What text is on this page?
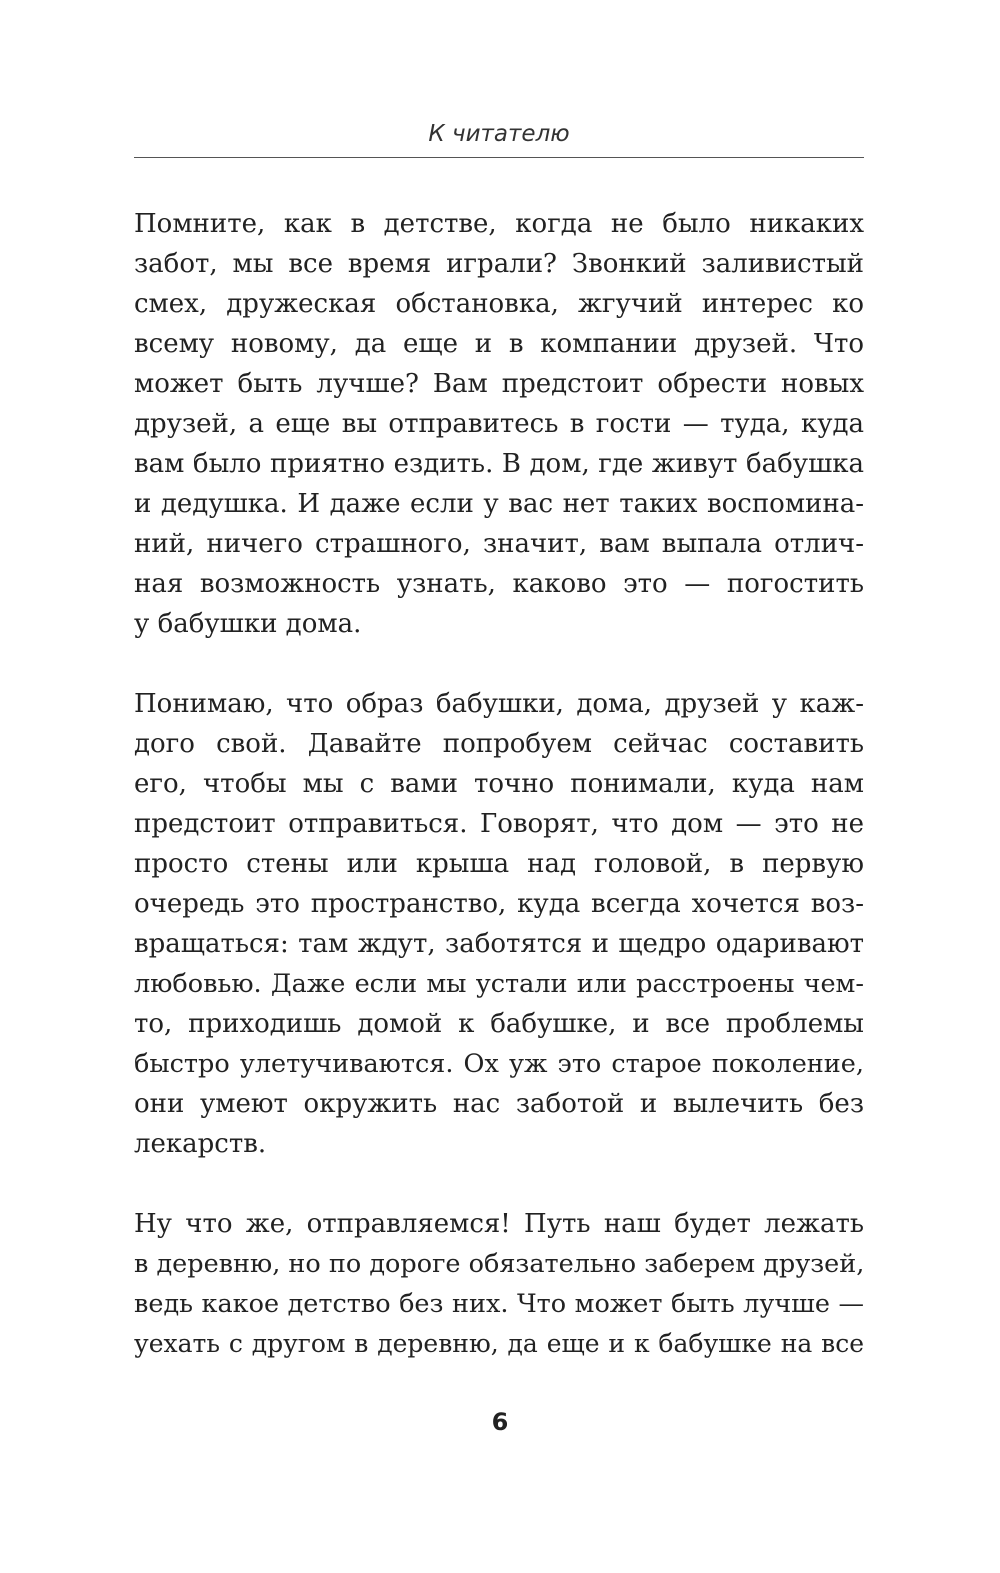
К читателю

Помните, как в детстве, когда не было никаких
забот, мы все время играли? Звонкий заливистый
смех, дружеская обстановка, жгучий интерес ко
всему новому, да еще и в компании друзей. Что
может быть лучше? Вам предстоит обрести новых
друзей, а еще вы отправитесь в гости — туда, куда
вам было приятно ездить. В дом, где живут бабушка
и дедушка. И даже если у вас нет таких воспомина-
ний, ничего страшного, значит, вам выпала отлич-
ная возможность узнать, каково это — погостить
у бабушки дома.

Понимаю, что образ бабушки, дома, друзей у каж-
дого свой. Давайте попробуем сейчас составить
его, чтобы мы с вами точно понимали, куда нам
предстоит отправиться. Говорят, что дом — это не
просто стены или крыша над головой, в первую
очередь это пространство, куда всегда хочется воз-
вращаться: там ждут, заботятся и щедро одаривают
любовью. Даже если мы устали или расстроены чем-
то, приходишь домой к бабушке, и все проблемы
быстро улетучиваются. Ох уж это старое поколение,
они умеют окружить нас заботой и вылечить без
лекарств.

Ну что же, отправляемся! Путь наш будет лежать
в деревню, но по дороге обязательно заберем друзей,
ведь какое детство без них. Что может быть лучше —
уехать с другом в деревню, да еще и к бабушке на все

6
